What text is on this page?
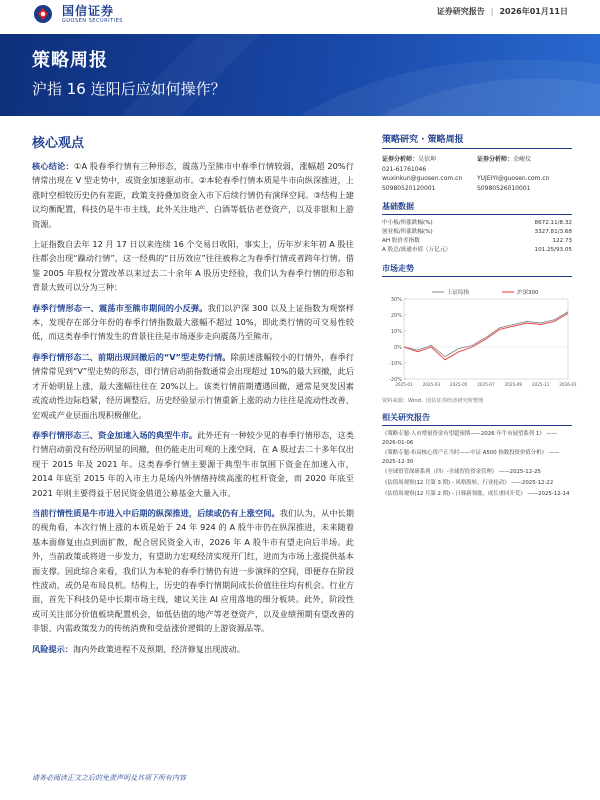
国信证券
GUOSEN SECURITIES
证券研究报告 | 2026年01月11日
策略周报
沪指 16 连阳后应如何操作？
核心观点
核心结论：①A 股春季行情有三种形态，震荡乃至熊市中春季行情较弱，涨幅超 20%行情常出现在 V 型走势中，或资金加速驱动市。②本轮春季行情本质是牛市向纵深推进，上涨时空相较历史仍有差距，政策支持叠加资金入市下后续行情仍有演绎空间。③结构上建议均衡配置，科技仍是牛市主线，此外关注地产、白酒等低估老登资产，以及非银和上游资源。
上证指数自去年 12 月 17 日以来连续 16 个交易日收阳，事实上，历年岁末年初 A 股往往都会出现“躁动行情”，这一经典的“日历效应”往往被称之为春季行情或者跨年行情。借鉴 2005 年股权分置改革以来过去二十余年 A 股历史经验，我们认为春季行情的形态和背景大致可以分为三种：
春季行情形态一、震荡市至熊市期间的小反弹。我们以沪深 300 以及上证指数为观察样本，发现存在部分年份的春季行情指数最大涨幅不超过 10%，即此类行情的可交易性较低，而这类春季行情发生的背景往往是市场逐步走向震荡乃至熊市。
春季行情形态二、前期出现回撤后的“V”型走势行情。除前述涨幅较小的行情外，春季行情常常见到“V”型走势的形态，即行情启动前指数通常会出现超过 10%的最大回撤，此后才开始明显上涨，最大涨幅往往在 20%以上。该类行情前期遭遇回撤，通常是突发因素或流动性边际趋紧，经历调整后，历史经验显示行情重新上涨的动力往往是流动性改善、宏观或产业层面出现积极催化。
春季行情形态三、资金加速入场的典型牛市。此外还有一种较少见的春季行情形态，这类行情启动前没有经历明显的回撤，但仍能走出可观的上涨空间，在 A 股过去二十多年仅出现于 2015 年及 2021 年。这类春季行情主要源于典型牛市氛围下资金在加速入市，2014 年底至 2015 年的入市主力是场内外情绪持续高涨的杠杆资金，而 2020 年底至 2021 年则主要得益于居民资金借道公募基金大量入市。
当前行情性质是牛市进入中后期的纵深推进，后续或仍有上涨空间。我们认为，从中长期的视角看，本次行情上涨的本质是始于 24 年 924 的 A 股牛市仍在纵深推进，未来随着基本面修复由点到面扩散，配合居民资金入市，2026 年 A 股牛市有望走向后半场。此外，当前政策或将进一步发力，有望助力宏观经济实现开门红，进而为市场上涨提供基本面支撑。因此综合来看，我们认为本轮的春季行情仍有进一步演绎的空间，即便存在阶段性波动，或仍是布局良机。结构上，历史的春季行情期间成长价值往往均有机会。行业方面，首先下科技仍是中长期市场主线，建议关注 AI 应用落地的细分板块。此外，阶段性或可关注部分价值板块配置机会，如低估值的地产等老登资产，以及业绩预期有望改善的非银、内需政策发力的传统消费和受益涨价逻辑的上游资源品等。
风险提示：海内外政策进程不及预期、经济修复出现波动。
策略研究 · 策略周报
证券分析师：吴信坤
021-61761046
wuxinkun@guosen.com.cn
S0980520120001
证券分析师：余峻仪

YUJEIYI@guosen.com.cn
S0980526010001
基础数据
中小板/所涨跌幅(%)	8672.11/8.32
创业板/所涨跌幅(%)	3327.81/3.68
AH 股价差指数	122.73
A 股总/流通市值（万亿元）	101.25/93.05
市场走势
30%
20%
10%
0%
-10%
-20%
2025-01 2025-03 2025-05 2025-07 2025-09 2025-11 2026-01
上证综指	沪深300
资料来源：Wind、国信证券经济研究所整理
相关研究报告
《策略专题-人市增量资金有望超预期——2026 年牛市展望系列 1》 ——2026-01-06
《策略专题-布局核心资产正当时——中证 A500 指数投资价值分析》 ——2025-12-30
《全球资管深研系列（四）-全球智投资金管理》 ——2025-12-25
《估值周观察(12 月第 3 期) - 风格股转，行业轮动》 ——2025-12-22
《估值周观察(12 月第 2 期) - 日韩新领涨，成长重回开荒》 ——2025-12-14
请务必阅读正文之后的免责声明及其项下所有内容
